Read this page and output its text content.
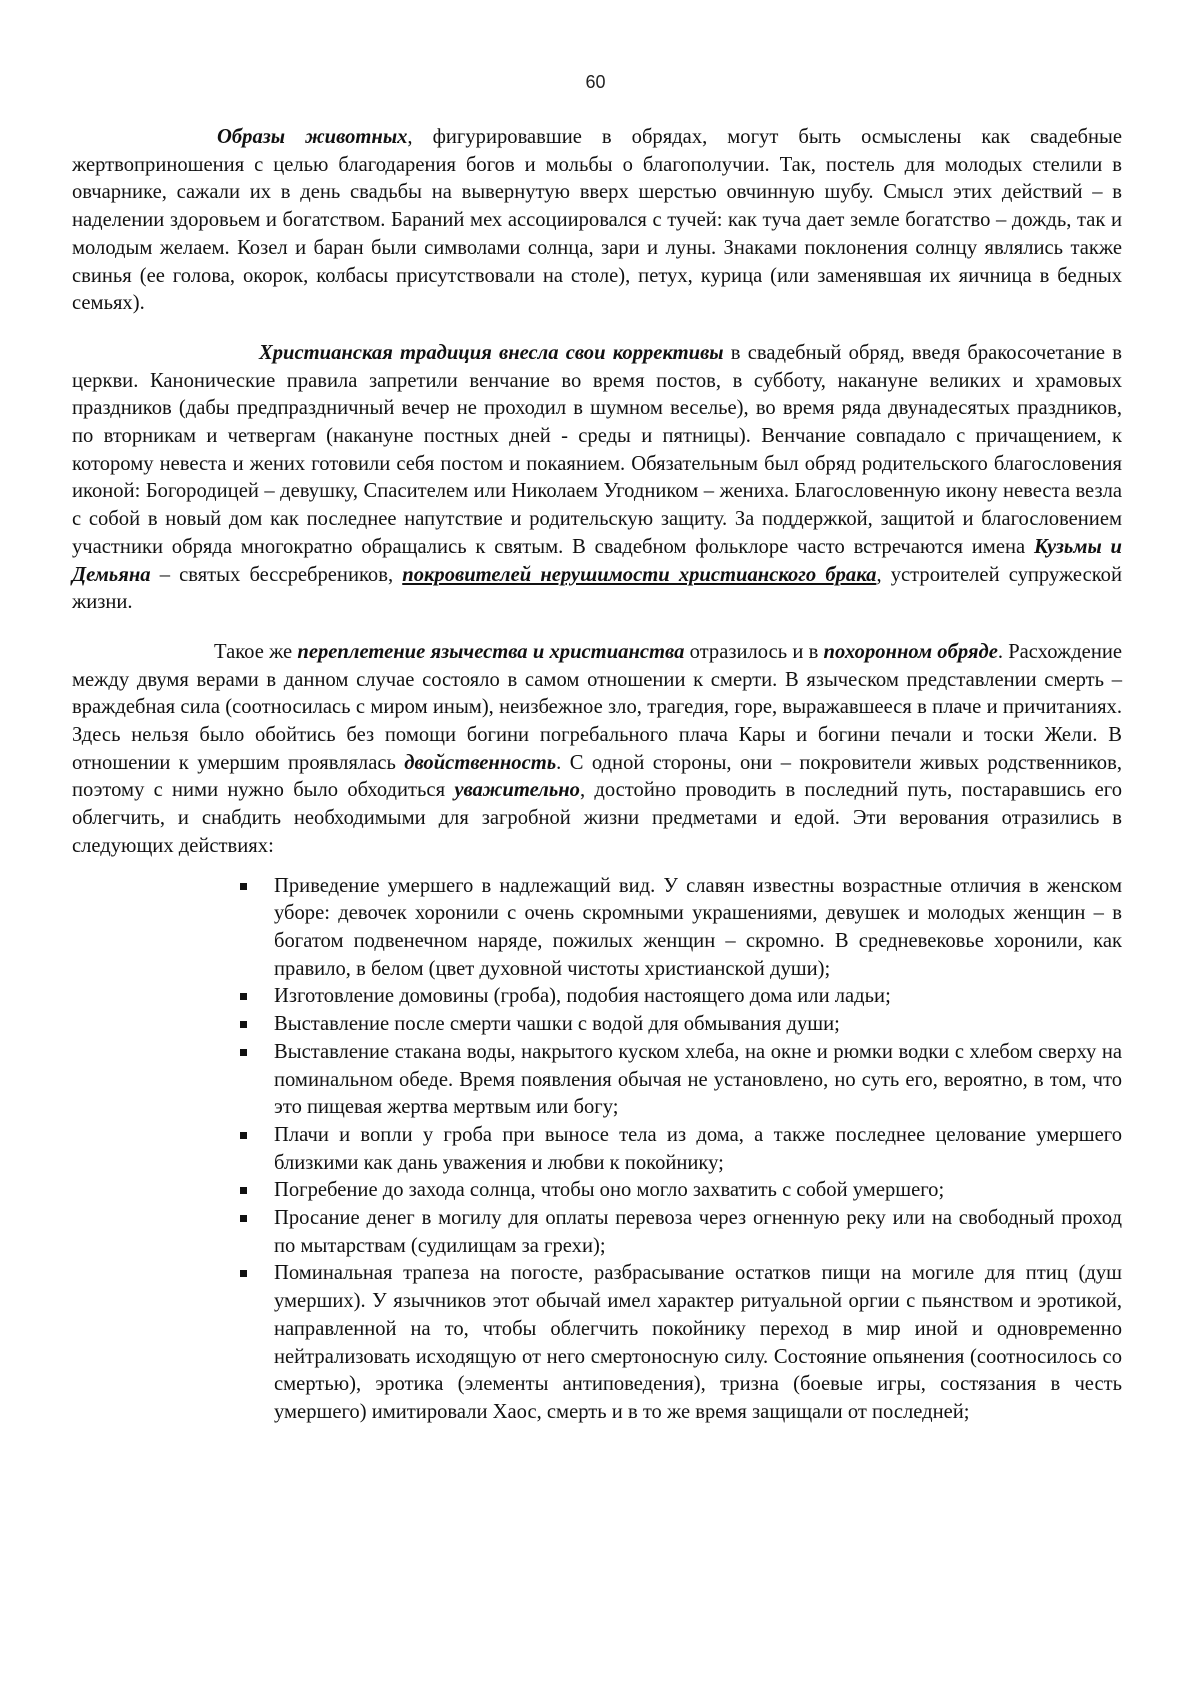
60

Образы животных, фигурировавшие в обрядах, могут быть осмыслены как свадебные жертвоприношения с целью благодарения богов и мольбы о благополучии. Так, постель для молодых стелили в овчарнике, сажали их в день свадьбы на вывернутую вверх шерстью овчинную шубу. Смысл этих действий – в наделении здоровьем и богатством. Бараний мех ассоциировался с тучей: как туча дает земле богатство – дождь, так и молодым желаем. Козел и баран были символами солнца, зари и луны. Знаками поклонения солнцу являлись также свинья (ее голова, окорок, колбасы присутствовали на столе), петух, курица (или заменявшая их яичница в бедных семьях).

Христианская традиция внесла свои коррективы в свадебный обряд, введя бракосочетание в церкви. Канонические правила запретили венчание во время постов, в субботу, накануне великих и храмовых праздников (дабы предпраздничный вечер не проходил в шумном веселье), во время ряда двунадесятых праздников, по вторникам и четвергам (накануне постных дней - среды и пятницы). Венчание совпадало с причащением, к которому невеста и жених готовили себя постом и покаянием. Обязательным был обряд родительского благословения иконой: Богородицей – девушку, Спасителем или Николаем Угодником – жениха. Благословенную икону невеста везла с собой в новый дом как последнее напутствие и родительскую защиту. За поддержкой, защитой и благословением участники обряда многократно обращались к святым. В свадебном фольклоре часто встречаются имена Кузьмы и Демьяна – святых бессребреников, покровителей нерушимости христианского брака, устроителей супружеской жизни.

Такое же переплетение язычества и христианства отразилось и в похоронном обряде. Расхождение между двумя верами в данном случае состояло в самом отношении к смерти. В языческом представлении смерть – враждебная сила (соотносилась с миром иным), неизбежное зло, трагедия, горе, выражавшееся в плаче и причитаниях. Здесь нельзя было обойтись без помощи богини погребального плача Кары и богини печали и тоски Жели. В отношении к умершим проявлялась двойственность. С одной стороны, они – покровители живых родственников, поэтому с ними нужно было обходиться уважительно, достойно проводить в последний путь, постаравшись его облегчить, и снабдить необходимыми для загробной жизни предметами и едой. Эти верования отразились в следующих действиях:

Приведение умершего в надлежащий вид. У славян известны возрастные отличия в женском уборе: девочек хоронили с очень скромными украшениями, девушек и молодых женщин – в богатом подвенечном наряде, пожилых женщин – скромно. В средневековье хоронили, как правило, в белом (цвет духовной чистоты христианской души);
Изготовление домовины (гроба), подобия настоящего дома или ладьи;
Выставление после смерти чашки с водой для обмывания души;
Выставление стакана воды, накрытого куском хлеба, на окне и рюмки водки с хлебом сверху на поминальном обеде. Время появления обычая не установлено, но суть его, вероятно, в том, что это пищевая жертва мертвым или богу;
Плачи и вопли у гроба при выносе тела из дома, а также последнее целование умершего близкими как дань уважения и любви к покойнику;
Погребение до захода солнца, чтобы оно могло захватить с собой умершего;
Просание денег в могилу для оплаты перевоза через огненную реку или на свободный проход по мытарствам (судилищам за грехи);
Поминальная трапеза на погосте, разбрасывание остатков пищи на могиле для птиц (душ умерших). У язычников этот обычай имел характер ритуальной оргии с пьянством и эротикой, направленной на то, чтобы облегчить покойнику переход в мир иной и одновременно нейтрализовать исходящую от него смертоносную силу. Состояние опьянения (соотносилось со смертью), эротика (элементы антиповедения), тризна (боевые игры, состязания в честь умершего) имитировали Хаос, смерть и в то же время защищали от последней;
